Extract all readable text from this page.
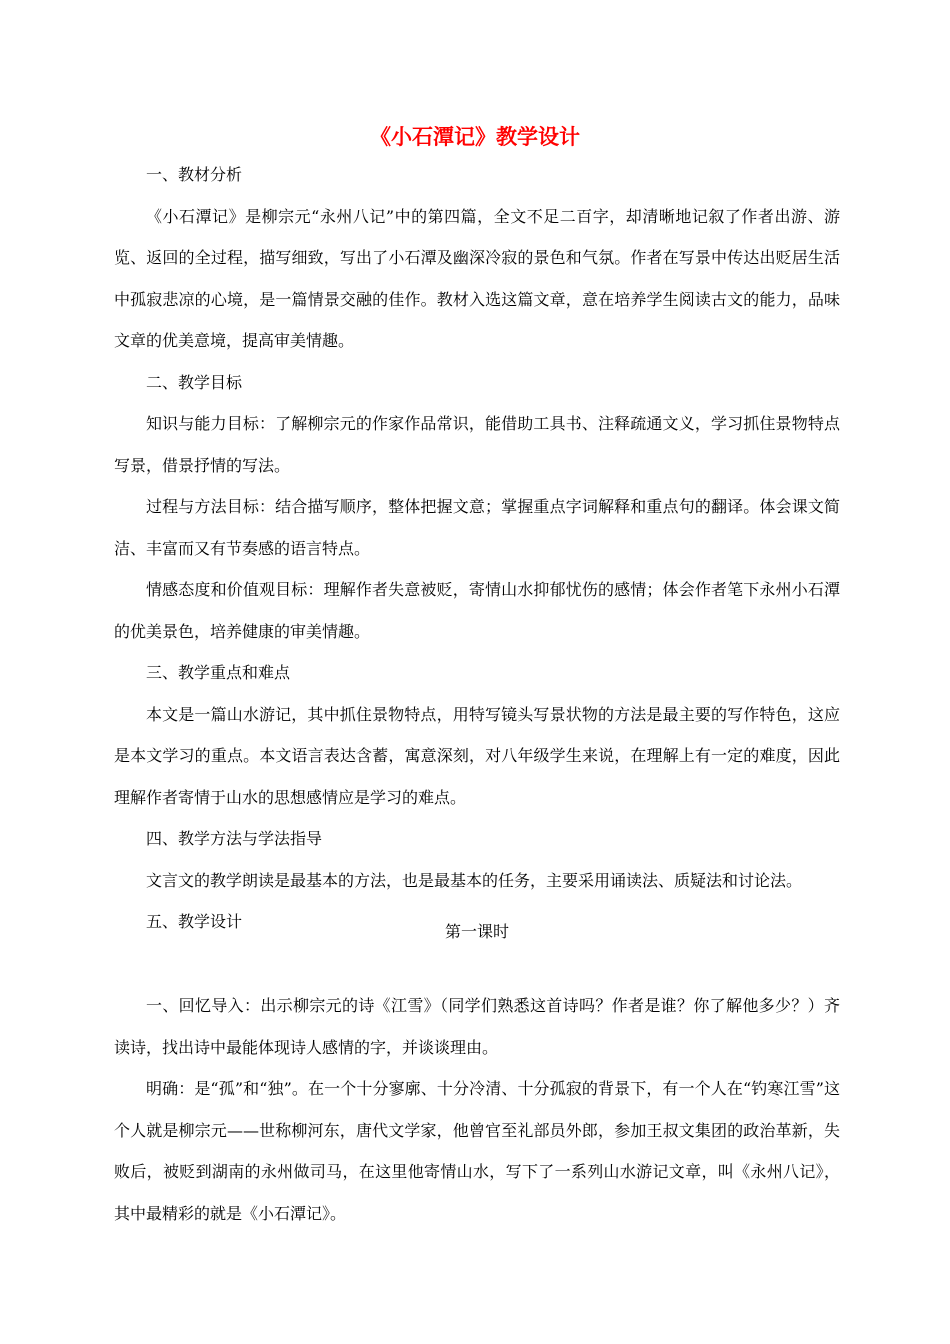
《小石潭记》教学设计
一、教材分析
《小石潭记》是柳宗元“永州八记”中的第四篇，全文不足二百字，却清晰地记叙了作者出游、游览、返回的全过程，描写细致，写出了小石潭及幽深冷寂的景色和气氛。作者在写景中传达出贬居生活中孤寂悲凉的心境，是一篇情景交融的佳作。教材入选这篇文章，意在培养学生阅读古文的能力，品味文章的优美意境，提高审美情趣。
二、教学目标
知识与能力目标：了解柳宗元的作家作品常识，能借助工具书、注释疏通文义，学习抓住景物特点写景，借景抒情的写法。
过程与方法目标：结合描写顺序，整体把握文意；掌握重点字词解释和重点句的翻译。体会课文简洁、丰富而又有节奏感的语言特点。
情感态度和价值观目标：理解作者失意被贬，寄情山水抑郁忧伤的感情；体会作者笔下永州小石潭的优美景色，培养健康的审美情趣。
三、教学重点和难点
本文是一篇山水游记，其中抓住景物特点，用特写镜头写景状物的方法是最主要的写作特色，这应是本文学习的重点。本文语言表达含蓄，寓意深刻，对八年级学生来说，在理解上有一定的难度，因此理解作者寄情于山水的思想感情应是学习的难点。
四、教学方法与学法指导
文言文的教学朗读是最基本的方法，也是最基本的任务，主要采用诵读法、质疑法和讨论法。
五、教学设计
第一课时
一、回忆导入：出示柳宗元的诗《江雪》（同学们熟悉这首诗吗？作者是谁？你了解他多少？）齐读诗，找出诗中最能体现诗人感情的字，并谈谈理由。
明确：是“孤”和“独”。在一个十分寥廓、十分冷清、十分孤寂的背景下，有一个人在“钓寒江雪”这个人就是柳宗元——世称柳河东，唐代文学家，他曾官至礼部员外郎，参加王叔文集团的政治革新，失败后，被贬到湖南的永州做司马，在这里他寄情山水，写下了一系列山水游记文章，叫《永州八记》，其中最精彩的就是《小石潭记》。
